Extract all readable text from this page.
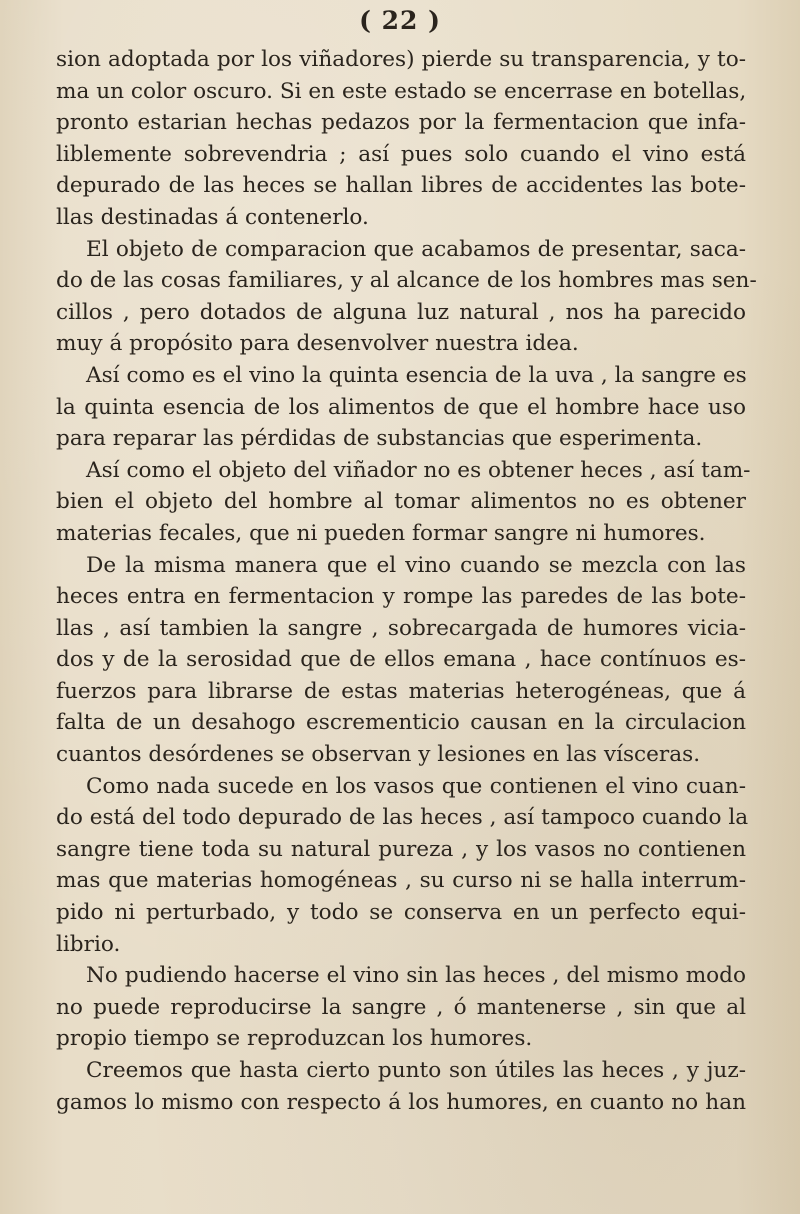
( 22 )
sion adoptada por los viñadores) pierde su transparencia, y to-
ma un color oscuro. Si en este estado se encerrase en botellas,
pronto estarian hechas pedazos por la fermentacion que infa-
liblemente sobrevendria ; así pues solo cuando el vino está
depurado de las heces se hallan libres de accidentes las bote-
llas destinadas á contenerlo.
El objeto de comparacion que acabamos de presentar, saca-
do de las cosas familiares, y al alcance de los hombres mas sen-
cillos , pero dotados de alguna luz natural , nos ha parecido
muy á propósito para desenvolver nuestra idea.
Así como es el vino la quinta esencia de la uva , la sangre es
la quinta esencia de los alimentos de que el hombre hace uso
para reparar las pérdidas de substancias que esperimenta.
Así como el objeto del viñador no es obtener heces , así tam-
bien el objeto del hombre al tomar alimentos no es obtener
materias fecales, que ni pueden formar sangre ni humores.
De la misma manera que el vino cuando se mezcla con las
heces entra en fermentacion y rompe las paredes de las bote-
llas , así tambien la sangre , sobrecargada de humores vicia-
dos y de la serosidad que de ellos emana , hace contínuos es-
fuerzos para librarse de estas materias heterogéneas, que á
falta de un desahogo escrementicio causan en la circulacion
cuantos desórdenes se observan y lesiones en las vísceras.
Como nada sucede en los vasos que contienen el vino cuan-
do está del todo depurado de las heces , así tampoco cuando la
sangre tiene toda su natural pureza , y los vasos no contienen
mas que materias homogéneas , su curso ni se halla interrum-
pido ni perturbado, y todo se conserva en un perfecto equi-
librio.
No pudiendo hacerse el vino sin las heces , del mismo modo
no puede reproducirse la sangre , ó mantenerse , sin que al
propio tiempo se reproduzcan los humores.
Creemos que hasta cierto punto son útiles las heces , y juz-
gamos lo mismo con respecto á los humores, en cuanto no han
